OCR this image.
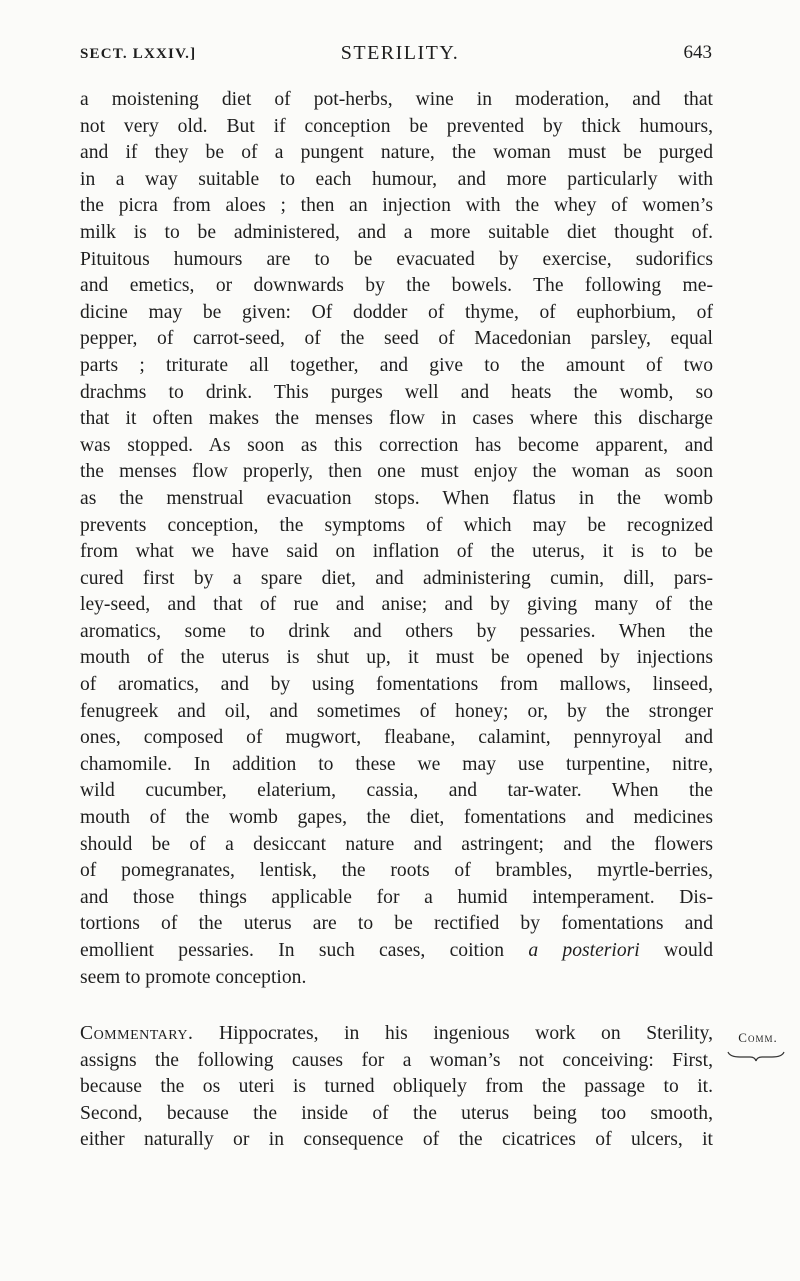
SECT. LXXIV.]	STERILITY.	643
a moistening diet of pot-herbs, wine in moderation, and that
not very old. But if conception be prevented by thick humours,
and if they be of a pungent nature, the woman must be purged
in a way suitable to each humour, and more particularly with
the picra from aloes ; then an injection with the whey of women’s
milk is to be administered, and a more suitable diet thought of.
Pituitous humours are to be evacuated by exercise, sudorifics
and emetics, or downwards by the bowels. The following me-
dicine may be given: Of dodder of thyme, of euphorbium, of
pepper, of carrot-seed, of the seed of Macedonian parsley, equal
parts ; triturate all together, and give to the amount of two
drachms to drink. This purges well and heats the womb, so
that it often makes the menses flow in cases where this discharge
was stopped. As soon as this correction has become apparent, and
the menses flow properly, then one must enjoy the woman as soon
as the menstrual evacuation stops. When flatus in the womb
prevents conception, the symptoms of which may be recognized
from what we have said on inflation of the uterus, it is to be
cured first by a spare diet, and administering cumin, dill, pars-
ley-seed, and that of rue and anise; and by giving many of the
aromatics, some to drink and others by pessaries. When the
mouth of the uterus is shut up, it must be opened by injections
of aromatics, and by using fomentations from mallows, linseed,
fenugreek and oil, and sometimes of honey; or, by the stronger
ones, composed of mugwort, fleabane, calamint, pennyroyal and
chamomile. In addition to these we may use turpentine, nitre,
wild cucumber, elaterium, cassia, and tar-water. When the
mouth of the womb gapes, the diet, fomentations and medicines
should be of a desiccant nature and astringent; and the flowers
of pomegranates, lentisk, the roots of brambles, myrtle-berries,
and those things applicable for a humid intemperament. Dis-
tortions of the uterus are to be rectified by fomentations and
emollient pessaries. In such cases, coition a posteriori would
seem to promote conception.
Commentary. Hippocrates, in his ingenious work on Sterility,
assigns the following causes for a woman’s not conceiving: First,
because the os uteri is turned obliquely from the passage to it.
Second, because the inside of the uterus being too smooth,
either naturally or in consequence of the cicatrices of ulcers, it
Comm.
